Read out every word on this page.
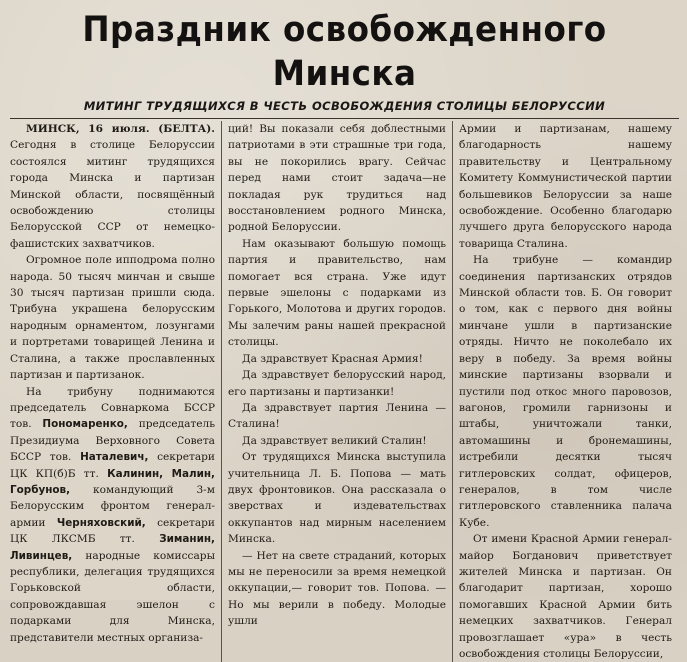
Праздник освобожденного Минска
МИТИНГ ТРУДЯЩИХСЯ В ЧЕСТЬ ОСВОБОЖДЕНИЯ СТОЛИЦЫ БЕЛОРУССИИ

МИНСК, 16 июля. (БЕЛТА). Сегодня в столице Белоруссии состоялся митинг трудящихся города Минска и партизан Минской области, посвящённый освобождению столицы Белорусской ССР от немецко-фашистских захватчиков.

Огромное поле ипподрома полно народа. 50 тысяч минчан и свыше 30 тысяч партизан пришли сюда. Трибуна украшена белорусским народным орнаментом, лозунгами и портретами товарищей Ленина и Сталина, а также прославленных партизан и партизанок.

На трибуну поднимаются председатель Совнаркома БССР тов. Пономаренко, председатель Президиума Верховного Совета БССР тов. Наталевич, секретари ЦК КП(б)Б тт. Калинин, Малин, Горбунов, командующий 3-м Белорусским фронтом генерал-армии Черняховский, секретари ЦК ЛКСМБ тт. Зиманин, Ливинцев, народные комиссары республики, делегация трудящихся Горьковской области, сопровождавшая эшелон с подарками для Минска, представители местных организа-

ций! Вы показали себя доблестными патриотами в эти страшные три года, вы не покорились врагу. Сейчас перед нами стоит задача—не покладая рук трудиться над восстановлением родного Минска, родной Белоруссии.

Нам оказывают большую помощь партия и правительство, нам помогает вся страна. Уже идут первые эшелоны с подарками из Горького, Молотова и других городов. Мы залечим раны нашей прекрасной столицы.

Да здравствует Красная Армия!

Да здравствует белорусский народ, его партизаны и партизанки!

Да здравствует партия Ленина —Сталина!

Да здравствует великий Сталин!

От трудящихся Минска выступила учительница Л. Б. Попова — мать двух фронтовиков. Она рассказала о зверствах и издевательствах оккупантов над мирным населением Минска.

— Нет на свете страданий, которых мы не переносили за время немецкой оккупации,— говорит тов. Попова. —Но мы верили в победу. Молодые ушли

Армии и партизанам, нашему благодарность нашему правительству и Центральному Комитету Коммунистической партии большевиков Белоруссии за наше освобождение. Особенно благодарю лучшего друга белорусского народа товарища Сталина.

На трибуне — командир соединения партизанских отрядов Минской области тов. Б. Он говорит о том, как с первого дня войны минчане ушли в партизанские отряды. Ничто не поколебало их веру в победу. За время войны минские партизаны взорвали и пустили под откос много паровозов, вагонов, громили гарнизоны и штабы, уничтожали танки, автомашины и бронемашины, истребили десятки тысяч гитлеровских солдат, офицеров, генералов, в том числе гитлеровского ставленника палача Кубе.

От имени Красной Армии генерал-майор Богданович приветствует жителей Минска и партизан. Он благодарит партизан, хорошо помогавших Красной Армии бить немецких захватчиков. Генерал провозглашает «ура» в честь освобождения столицы Белоруссии,
